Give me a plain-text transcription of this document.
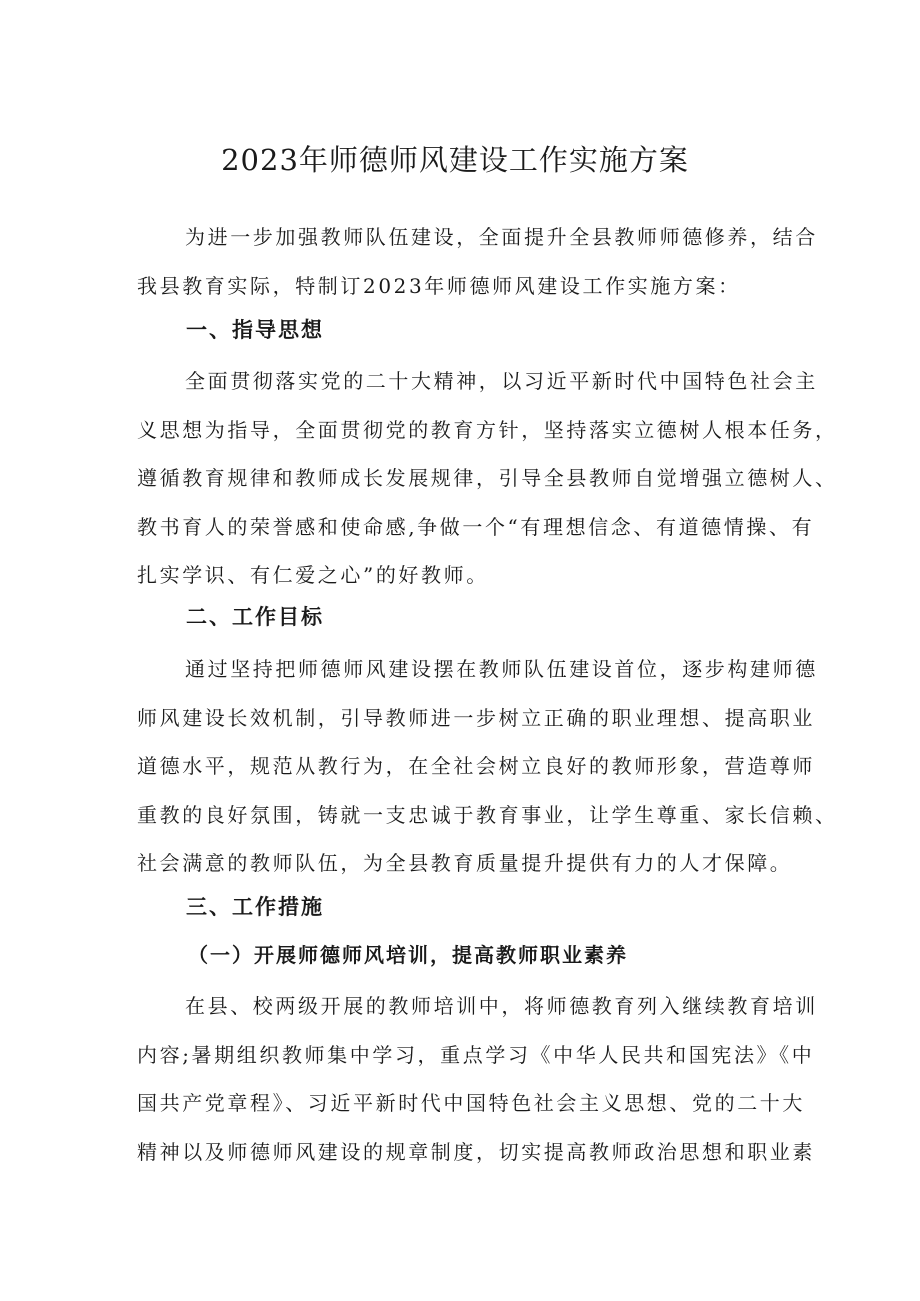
2023年师德师风建设工作实施方案
为进一步加强教师队伍建设，全面提升全县教师师德修养，结合
我县教育实际，特制订2023年师德师风建设工作实施方案：
一、指导思想
全面贯彻落实党的二十大精神，以习近平新时代中国特色社会主
义思想为指导，全面贯彻党的教育方针，坚持落实立德树人根本任务，
遵循教育规律和教师成长发展规律，引导全县教师自觉增强立德树人、
教书育人的荣誉感和使命感,争做一个“有理想信念、有道德情操、有
扎实学识、有仁爱之心”的好教师。
二、工作目标
通过坚持把师德师风建设摆在教师队伍建设首位，逐步构建师德
师风建设长效机制，引导教师进一步树立正确的职业理想、提高职业
道德水平，规范从教行为，在全社会树立良好的教师形象，营造尊师
重教的良好氛围，铸就一支忠诚于教育事业，让学生尊重、家长信赖、
社会满意的教师队伍，为全县教育质量提升提供有力的人才保障。
三、工作措施
（一）开展师德师风培训，提高教师职业素养
在县、校两级开展的教师培训中，将师德教育列入继续教育培训
内容;暑期组织教师集中学习，重点学习《中华人民共和国宪法》《中
国共产党章程》、习近平新时代中国特色社会主义思想、党的二十大
精神以及师德师风建设的规章制度，切实提高教师政治思想和职业素
